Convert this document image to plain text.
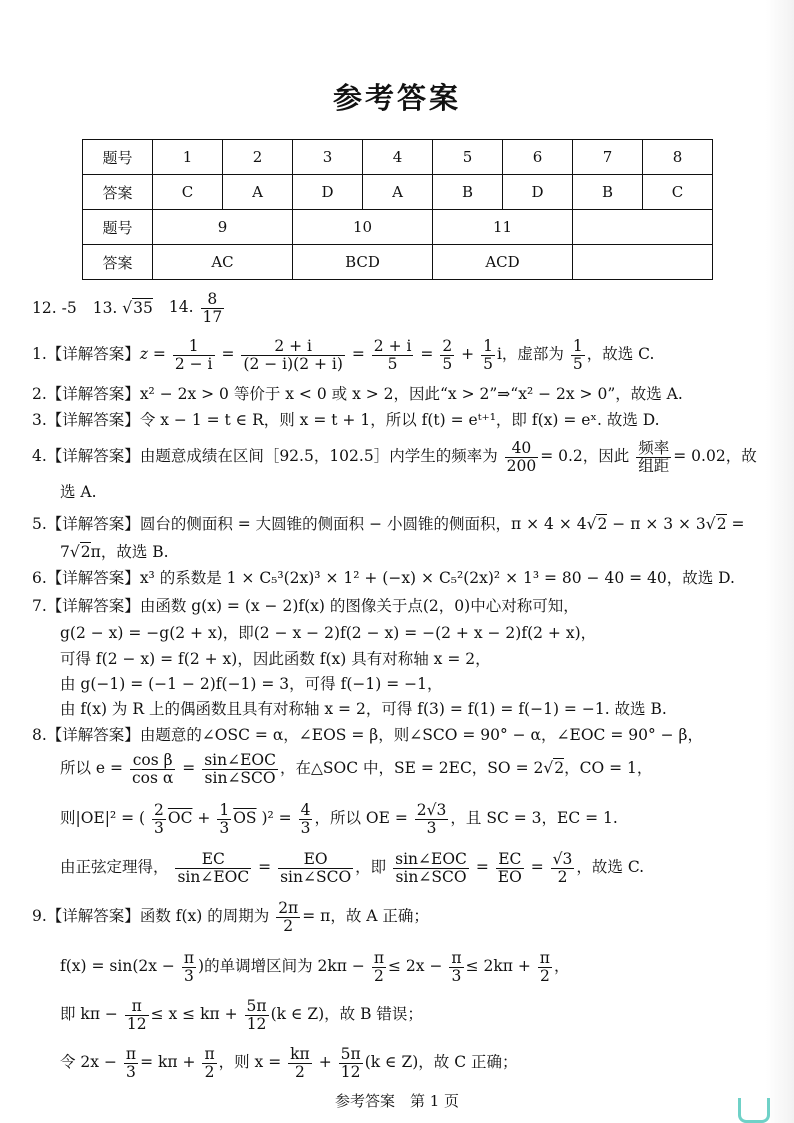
参考答案
题号	1	2	3	4	5	6	7	8
答案	C	A	D	A	B	D	B	C
题号	9		10		11			
答案	AC		BCD		ACD			
12. -5 13. √35 14. $\frac{8}{17}$
1.【详解答案】$z = \frac{1}{2 - i} = \frac{2 + i}{(2 - i)(2 + i)} = \frac{2 + i}{5} = \frac{2}{5} + \frac{1}{5}$ i，虚部为 $\frac{1}{5}$ ，故选 C.
2.【详解答案】x² − 2x > 0 等价于 x < 0 或 x > 2，因此“x > 2”⇒“x² − 2x > 0”，故选 A.
3.【详解答案】令 x − 1 = t ∈ R，则 x = t + 1，所以 f(t) = eᵗ⁺¹，即 f(x) = eˣ. 故选 D.
4.【详解答案】由题意成绩在区间［92.5，102.5］内学生的频率为 $\frac{40}{200} = 0.2$，因此 $\frac{\text{频率}}{\text{组距}} = 0.02$，故
选 A.
5.【详解答案】圆台的侧面积 = 大圆锥的侧面积 − 小圆锥的侧面积，π × 4 × 4√2 − π × 3 × 3√2 =
7√2π，故选 B.
6.【详解答案】x³ 的系数是 1 × C₅³(2x)³ × 1² + (−x) × C₅²(2x)² × 1³ = 80 − 40 = 40，故选 D.
7.【详解答案】由函数 g(x) = (x − 2)f(x) 的图像关于点(2，0)中心对称可知，
g(2 − x) = −g(2 + x)，即(2 − x − 2)f(2 − x) = −(2 + x − 2)f(2 + x)，
可得 f(2 − x) = f(2 + x)，因此函数 f(x) 具有对称轴 x = 2，
由 g(−1) = (−1 − 2)f(−1) = 3，可得 f(−1) = −1，
由 f(x) 为 R 上的偶函数且具有对称轴 x = 2，可得 f(3) = f(1) = f(−1) = −1. 故选 B.
8.【详解答案】由题意的∠OSC = α，∠EOS = β，则∠SCO = 90° − α，∠EOC = 90° − β，
所以 $e = \frac{\text{cos β}}{\text{cos α}} = \frac{\text{sin∠EOC}}{\text{sin∠SCO}}$ ，在△SOC 中，SE = 2EC，SO = 2√2，CO = 1，
则|OE|² = ( $\frac{2}{3} \overline{OC} + \frac{1}{3} \overline{OS}$ )$^2 = \frac{4}{3}$ ，所以 OE = $\frac{2√3}{3}$ ，且 SC = 3，EC = 1.
由正弦定理得， $\frac{EC}{\text{sin∠EOC}} = \frac{EO}{\text{sin∠SCO}}$ ，即 $\frac{\text{sin∠EOC}}{\text{sin∠SCO}} = \frac{EC}{EO} = \frac{√3}{2}$ ，故选 C.
9.【详解答案】函数 f(x) 的周期为 $\frac{2\pi}{2} = \pi$，故 A 正确；
$f(x) = \sin(2x - \frac{\pi}{3}$ )的单调增区间为 $2k\pi - \frac{\pi}{2} \le 2x - \frac{\pi}{3} \le 2k\pi + \frac{\pi}{2}$ ，
即 $k\pi - \frac{\pi}{12} \le x \le k\pi + \frac{5\pi}{12} (k$ ∈ Z)，故 B 错误；
令 $2x - \frac{\pi}{3} = k\pi + \frac{\pi}{2}$ ，则 $x = \frac{k\pi}{2} + \frac{5\pi}{12} (k$ ∈ Z)，故 C 正确；
参考答案　第 1 页
